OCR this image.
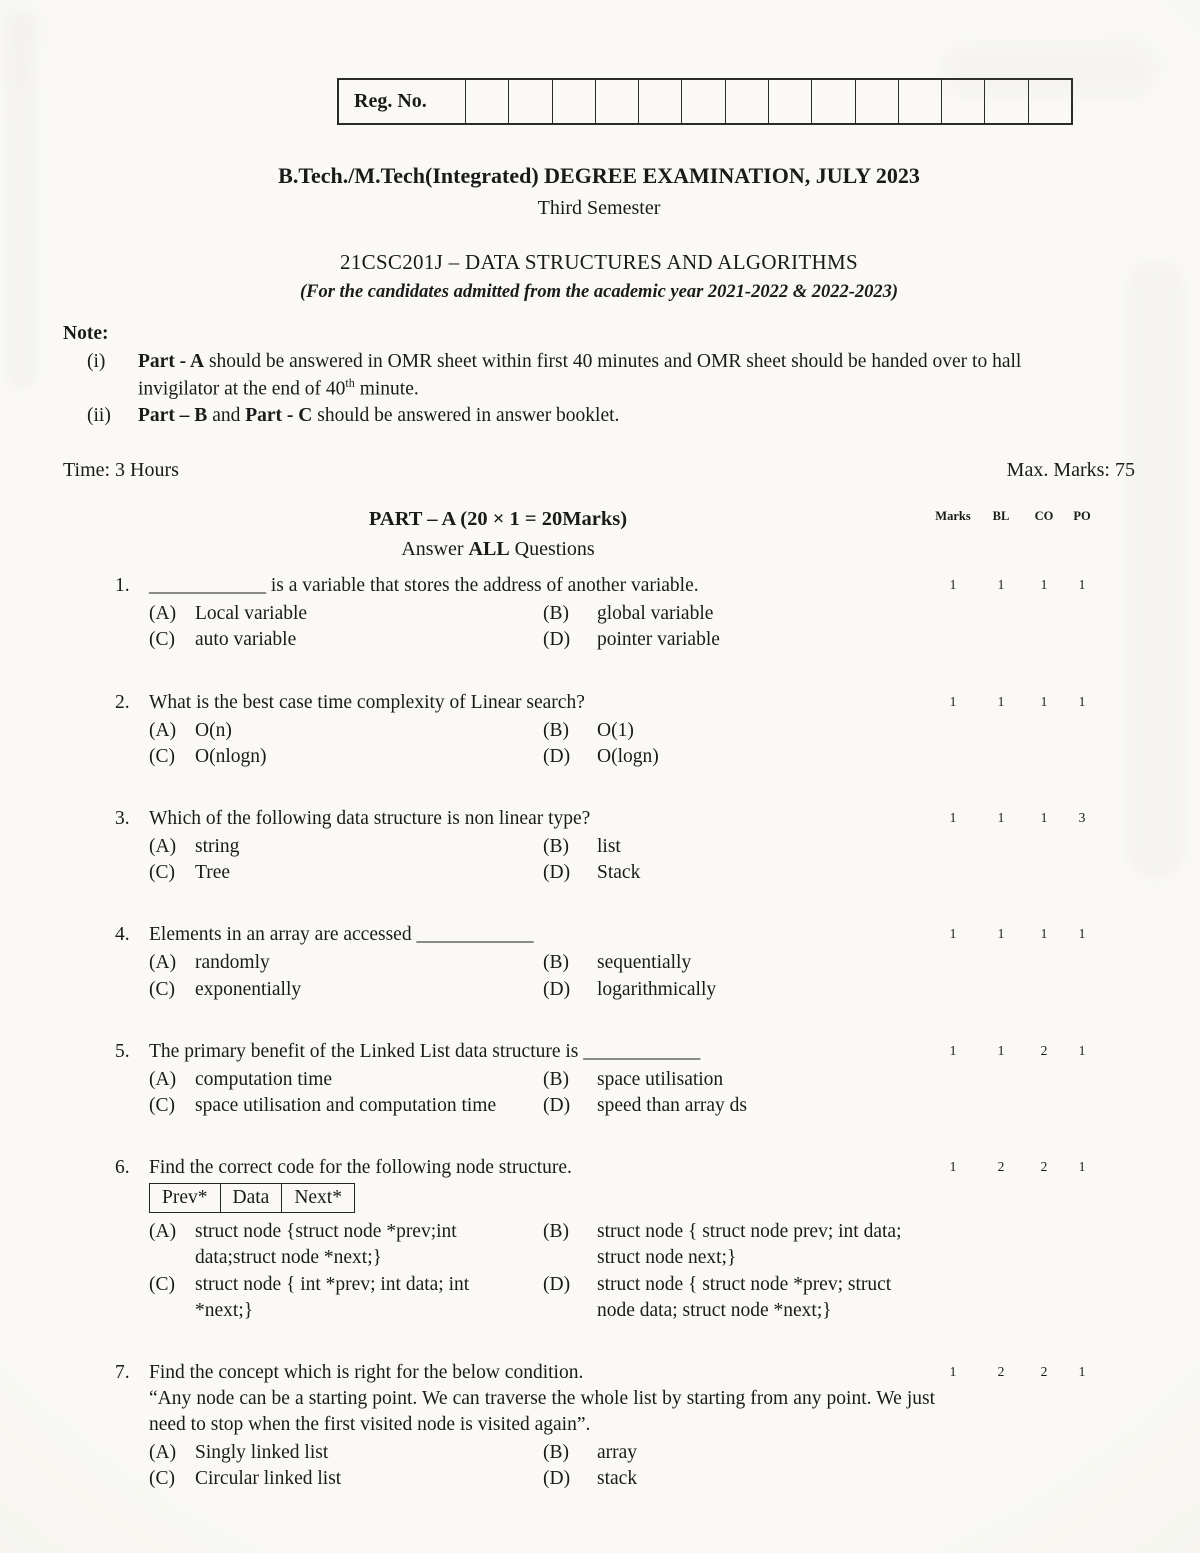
Reg. No.
B.Tech./M.Tech(Integrated) DEGREE EXAMINATION, JULY 2023
Third Semester
21CSC201J – DATA STRUCTURES AND ALGORITHMS
(For the candidates admitted from the academic year 2021-2022 & 2022-2023)
Note:
(i)	Part - A should be answered in OMR sheet within first 40 minutes and OMR sheet should be handed over to hall invigilator at the end of 40th minute.
(ii)	Part – B and Part - C should be answered in answer booklet.
Time: 3 Hours	Max. Marks: 75
PART – A (20 × 1 = 20Marks)
Answer ALL Questions
Marks	BL	CO	PO
1	1	1	1
1. ____________ is a variable that stores the address of another variable.
(A) Local variable	(B)	global variable
(C)	auto variable	(D)	pointer variable
1	1	1	1
2. What is the best case time complexity of Linear search?
(A) O(n)	(B)	O(1)
(C)	O(nlogn)	(D)	O(logn)
1	1	1	3
3. Which of the following data structure is non linear type?
(A) string	(B)	list
(C)	Tree	(D)	Stack
1	1	1	1
4. Elements in an array are accessed ____________
(A) randomly	(B)	sequentially
(C)	exponentially	(D)	logarithmically
1	1	2	1
5. The primary benefit of the Linked List data structure is ____________
(A) computation time	(B)	space utilisation
(C)	space utilisation and computation time	(D)	speed than array ds
1	2	2	1
6. Find the correct code for the following node structure.
Prev*	Data	Next*
(A) struct node {struct node *prev;int data;struct node *next;}
(B)	struct node { struct node prev; int data; struct node next;}
(C)	struct node { int *prev; int data; int *next;}
(D)	struct node { struct node *prev; struct node data; struct node *next;}
1	2	2	1
7. Find the concept which is right for the below condition.
“Any node can be a starting point. We can traverse the whole list by starting from any point. We just need to stop when the first visited node is visited again”.
(A) Singly linked list	(B)	array
(C)	Circular linked list	(D)	stack
